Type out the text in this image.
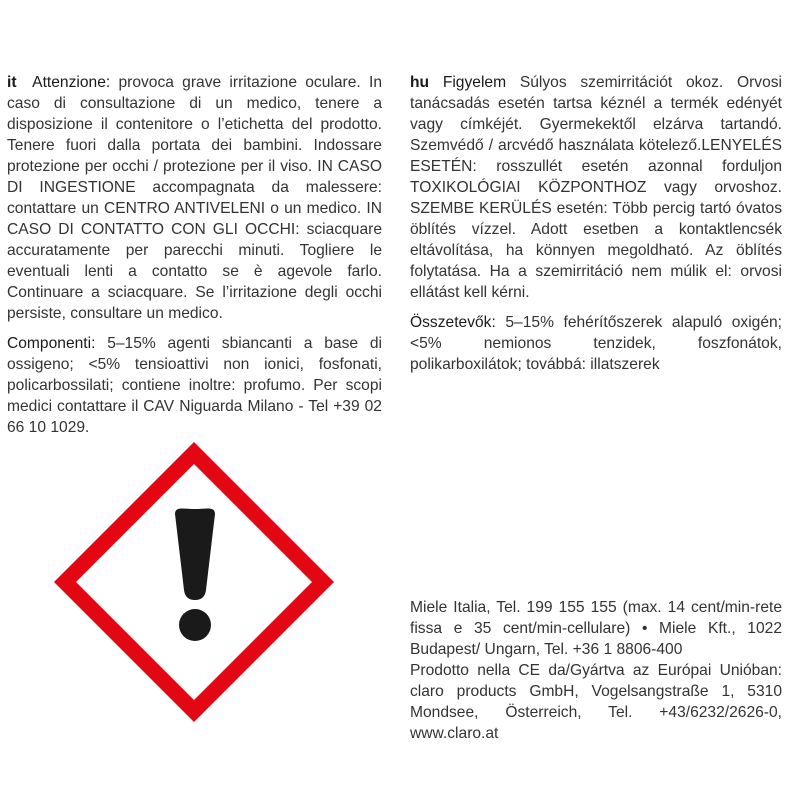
it Attenzione: provoca grave irritazione oculare. In caso di consultazione di un medico, tenere a disposizione il contenitore o l’etichetta del prodotto. Tenere fuori dalla portata dei bambini. Indossare protezione per occhi / protezione per il viso. IN CASO DI INGESTIONE accompagnata da malessere: contattare un CENTRO ANTIVELENI o un medico. IN CASO DI CONTATTO CON GLI OCCHI: sciacquare accuratamente per parecchi minuti. Togliere le eventuali lenti a contatto se è agevole farlo. Continuare a sciacquare. Se l’irritazione degli occhi persiste, consultare un medico.

Componenti: 5–15% agenti sbiancanti a base di ossigeno; <5% tensioattivi non ionici, fosfonati, policarbossilati; contiene inoltre: profumo. Per scopi medici contattare il CAV Niguarda Milano - Tel +39 02 66 10 1029.

hu Figyelem Súlyos szemirritációt okoz. Orvosi tanácsadás esetén tartsa kéznél a termék edényét vagy címkéjét. Gyermekektől elzárva tartandó. Szemvédő / arcvédő használata kötelező.LENYELÉS ESETÉN: rosszullét esetén azonnal forduljon TOXIKOLÓGIAI KÖZPONTHOZ vagy orvoshoz. SZEMBE KERÜLÉS esetén: Több percig tartó óvatos öblítés vízzel. Adott esetben a kontaktlencsék eltávolítása, ha könnyen megoldható. Az öblítés folytatása. Ha a szemirritáció nem múlik el: orvosi ellátást kell kérni.

Összetevők: 5–15% fehérítőszerek alapuló oxigén; <5% nemionos tenzidek, foszfonátok, polikarboxilátok; továbbá: illatszerek

Miele Italia, Tel. 199 155 155 (max. 14 cent/min-rete fissa e 35 cent/min-cellulare) • Miele Kft., 1022 Budapest/ Ungarn, Tel. +36 1 8806-400

Prodotto nella CE da/Gyártva az Európai Unióban: claro products GmbH, Vogelsangstraße 1, 5310 Mondsee, Österreich, Tel. +43/6232/2626-0, www.claro.at
